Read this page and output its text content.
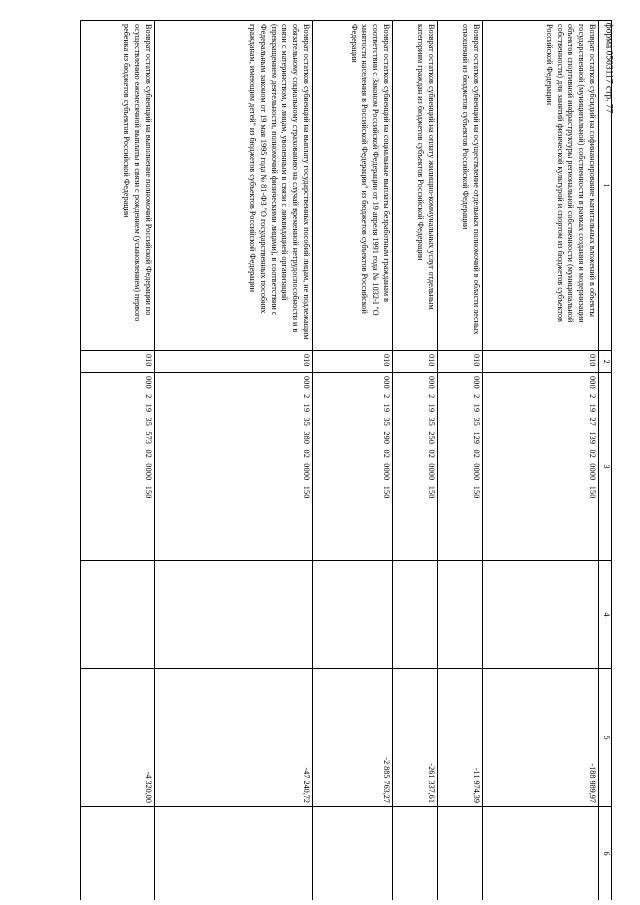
форма 0503117 стр. 77
1	2	3	4	5	6
Возврат остатков субсидий на софинансирование капитальных вложений в объекты государственной (муниципальной) собственности в рамках создания и модернизации объектов спортивной инфраструктуры региональной собственности (муниципальной собственности) для занятий физической культурой и спортом из бюджетов субъектов Российской Федерации	010	000 2 19 27 139 02 0000 150		-188 989,97	
Возврат остатков субвенций на осуществление отдельных полномочий в области лесных отношений из бюджетов субъектов Российской Федерации	010	000 2 19 35 129 02 0000 150		-11 974,39	
Возврат остатков субвенций на оплату жилищно-коммунальных услуг отдельным категориям граждан из бюджетов субъектов Российской Федерации	010	000 2 19 35 250 02 0000 150		-261 337,61	
Возврат остатков субвенций на социальные выплаты безработным гражданам в соответствии с Законом Российской Федерации от 19 апреля 1991 года № 1032-I "О занятости населения в Российской Федерации" из бюджетов субъектов Российской Федерации	010	000 2 19 35 290 02 0000 150		-2 885 763,27	
Возврат остатков субвенций на выплату государственных пособий лицам, не подлежащим обязательному социальному страхованию на случай временной нетрудоспособности и в связи с материнством, и лицам, уволенным в связи с ликвидацией организаций (прекращением деятельности, полномочий физическими лицами), в соответствии с Федеральным законом от 19 мая 1995 года № 81-ФЗ "О государственных пособиях гражданам, имеющим детей" из бюджетов субъектов Российской Федерации	010	000 2 19 35 380 02 0000 150		-47 240,72	
Возврат остатков субвенций на выполнение полномочий Российской Федерации по осуществлению ежемесячной выплаты в связи с рождением (усыновлением) первого ребенка из бюджетов субъектов Российской Федерации	010	000 2 19 35 573 02 0000 150		-4 320,00	
